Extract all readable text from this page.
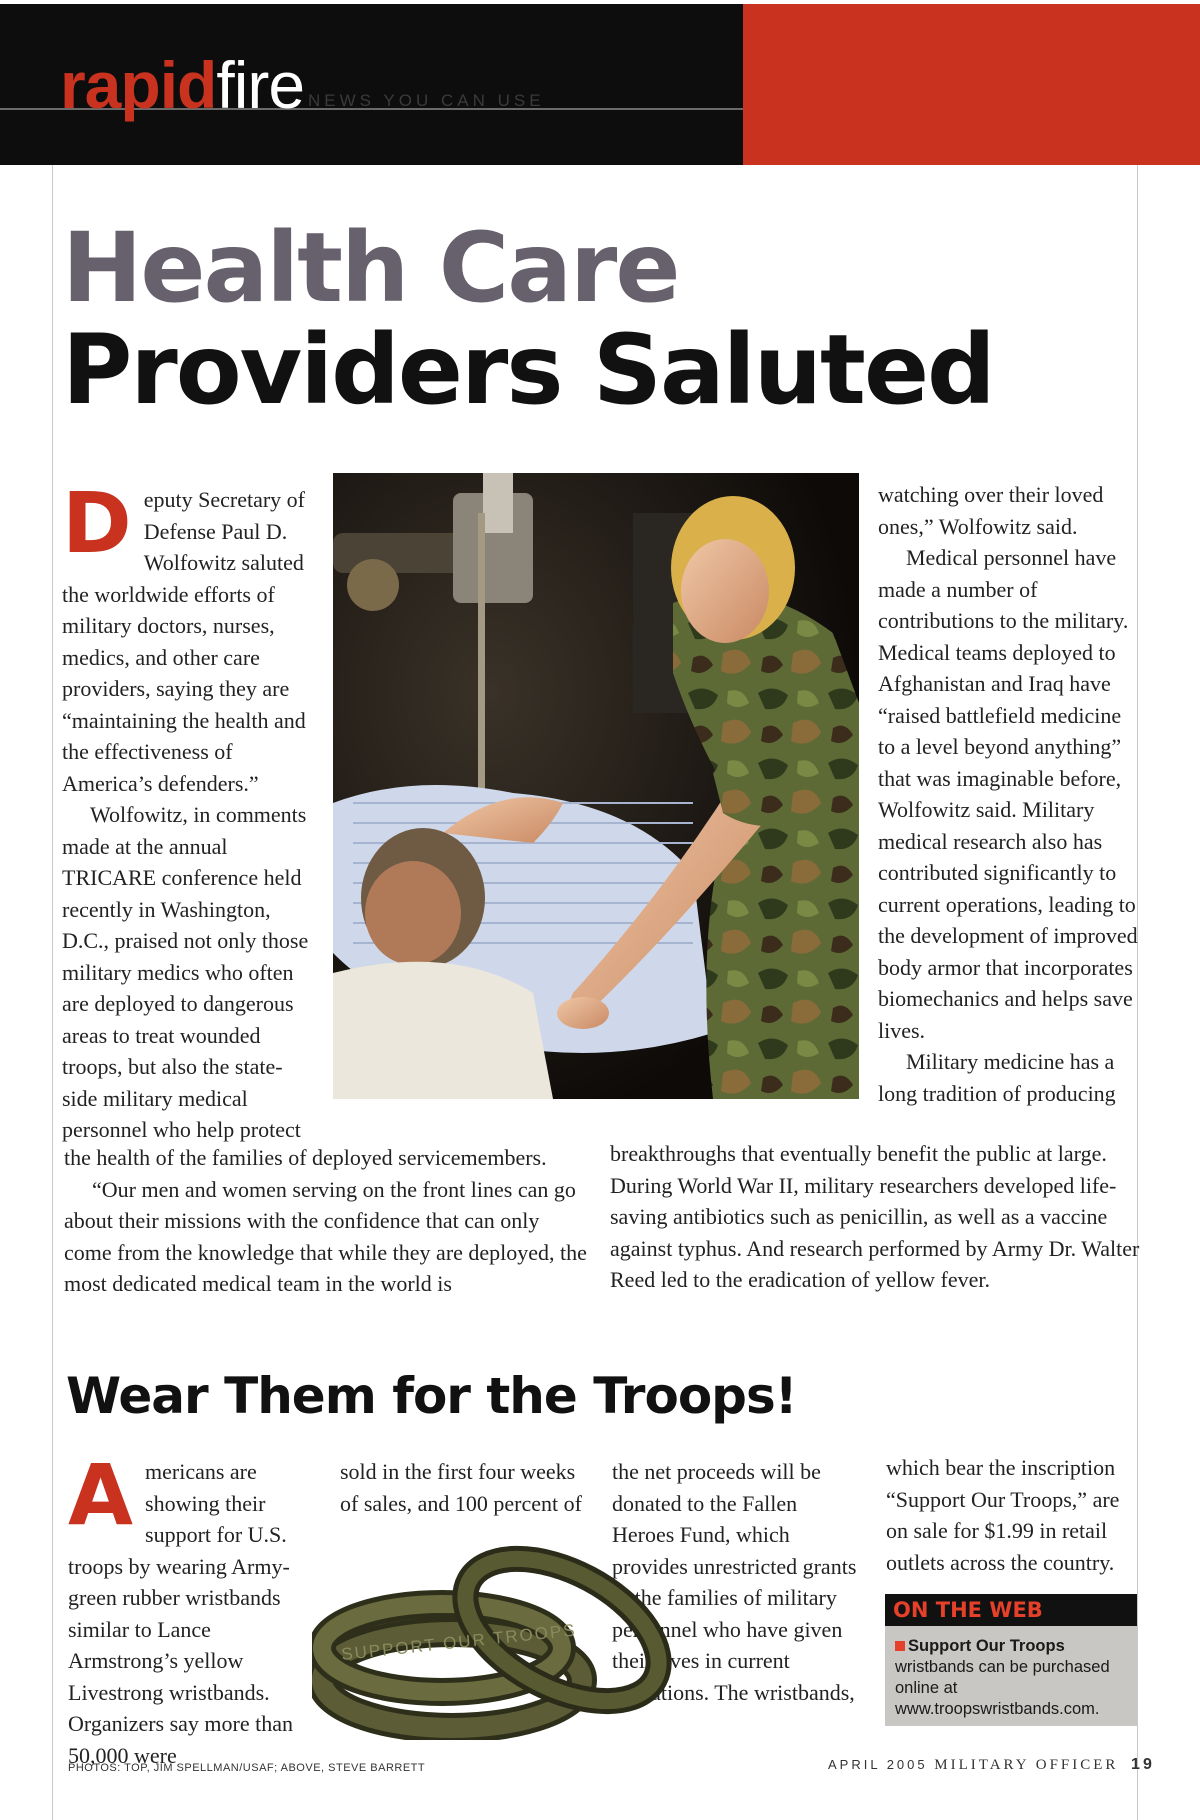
rapidfire NEWS YOU CAN USE
Health Care
Providers Saluted

Deputy Secretary of Defense Paul D. Wolfowitz saluted the worldwide efforts of military doctors, nurses, medics, and other care providers, saying they are “maintaining the health and the effectiveness of America’s defenders.”

Wolfowitz, in comments made at the annual TRICARE conference held recently in Washington, D.C., praised not only those military medics who often are deployed to dangerous areas to treat wounded troops, but also the state-side military medical personnel who help protect

watching over their loved ones,” Wolfowitz said.

Medical personnel have made a number of contributions to the military. Medical teams deployed to Afghanistan and Iraq have “raised battlefield medicine to a level beyond anything” that was imaginable before, Wolfowitz said. Military medical research also has contributed significantly to current operations, leading to the development of improved body armor that incorporates biomechanics and helps save lives.

Military medicine has a long tradition of producing

the health of the families of deployed servicemembers.

“Our men and women serving on the front lines can go about their missions with the confidence that can only come from the knowledge that while they are deployed, the most dedicated medical team in the world is

breakthroughs that eventually benefit the public at large. During World War II, military researchers developed life-saving antibiotics such as penicillin, as well as a vaccine against typhus. And research performed by Army Dr. Walter Reed led to the eradication of yellow fever.

Wear Them for the Troops!

Americans are showing their support for U.S. troops by wearing Army-green rubber wristbands similar to Lance Armstrong’s yellow Livestrong wristbands. Organizers say more than 50,000 were

sold in the first four weeks of sales, and 100 percent of

the net proceeds will be donated to the Fallen Heroes Fund, which provides unrestricted grants to the families of military personnel who have given their lives in current operations. The wristbands,

which bear the inscription “Support Our Troops,” are on sale for $1.99 in retail outlets across the country.

SUPPORT OUR TROOPS
ON THE WEB
Support Our Troops wristbands can be purchased online at www.troopswristbands.com.
PHOTOS: TOP, JIM SPELLMAN/USAF; ABOVE, STEVE BARRETT	APRIL 2005 MILITARY OFFICER 19
